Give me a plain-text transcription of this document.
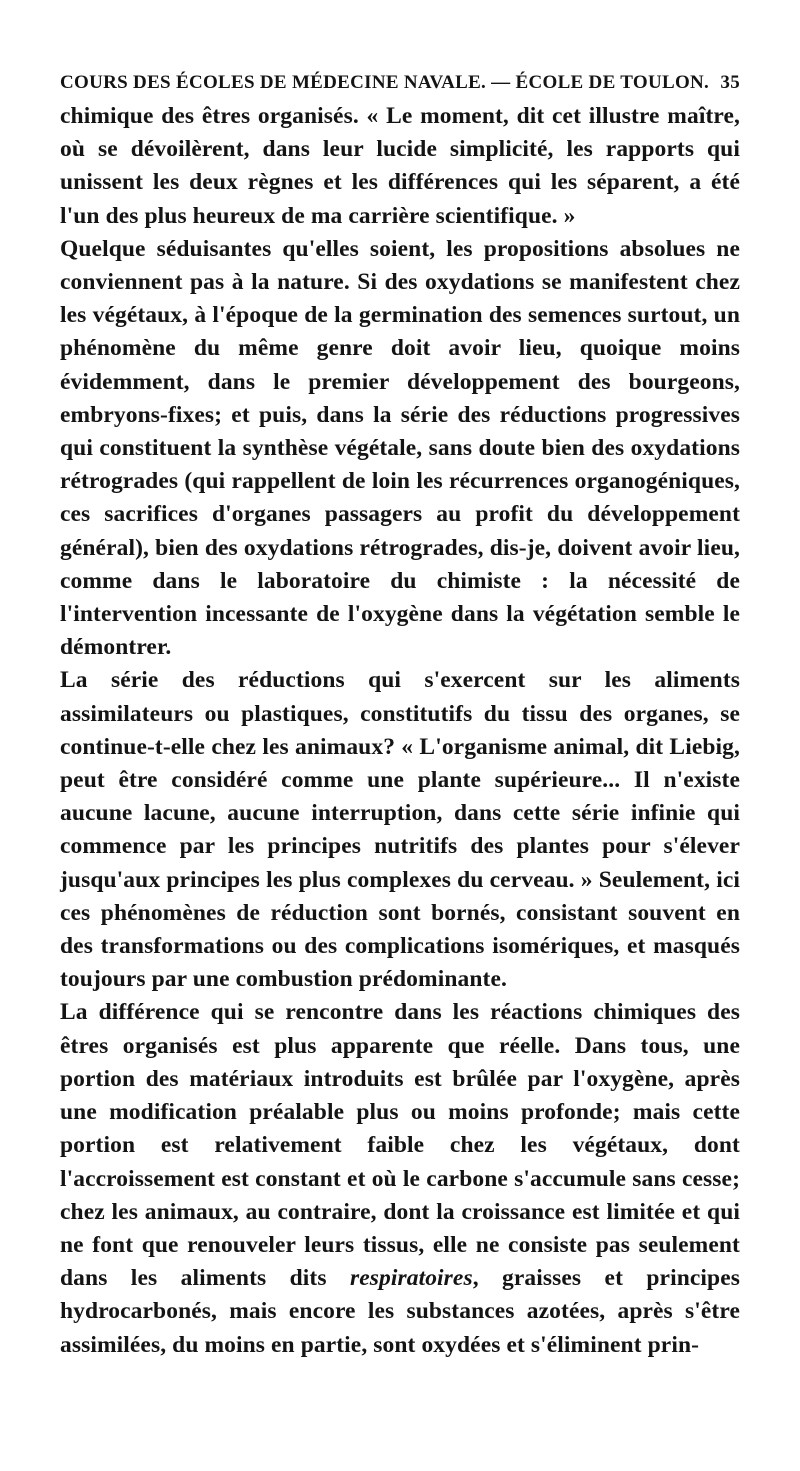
COURS DES ÉCOLES DE MÉDECINE NAVALE. — ÉCOLE DE TOULON. 35

chimique des êtres organisés. « Le moment, dit cet illustre maître, où se dévoilèrent, dans leur lucide simplicité, les rapports qui unissent les deux règnes et les différences qui les séparent, a été l'un des plus heureux de ma carrière scientifique. »

Quelque séduisantes qu'elles soient, les propositions absolues ne conviennent pas à la nature. Si des oxydations se manifestent chez les végétaux, à l'époque de la germination des semences surtout, un phénomène du même genre doit avoir lieu, quoique moins évidemment, dans le premier développement des bourgeons, embryons-fixes; et puis, dans la série des réductions progressives qui constituent la synthèse végétale, sans doute bien des oxydations rétrogrades (qui rappellent de loin les récurrences organogéniques, ces sacrifices d'organes passagers au profit du développement général), bien des oxydations rétrogrades, dis-je, doivent avoir lieu, comme dans le laboratoire du chimiste : la nécessité de l'intervention incessante de l'oxygène dans la végétation semble le démontrer.

La série des réductions qui s'exercent sur les aliments assimilateurs ou plastiques, constitutifs du tissu des organes, se continue-t-elle chez les animaux? « L'organisme animal, dit Liebig, peut être considéré comme une plante supérieure... Il n'existe aucune lacune, aucune interruption, dans cette série infinie qui commence par les principes nutritifs des plantes pour s'élever jusqu'aux principes les plus complexes du cerveau. » Seulement, ici ces phénomènes de réduction sont bornés, consistant souvent en des transformations ou des complications isomériques, et masqués toujours par une combustion prédominante.

La différence qui se rencontre dans les réactions chimiques des êtres organisés est plus apparente que réelle. Dans tous, une portion des matériaux introduits est brûlée par l'oxygène, après une modification préalable plus ou moins profonde; mais cette portion est relativement faible chez les végétaux, dont l'accroissement est constant et où le carbone s'accumule sans cesse; chez les animaux, au contraire, dont la croissance est limitée et qui ne font que renouveler leurs tissus, elle ne consiste pas seulement dans les aliments dits respiratoires, graisses et principes hydrocarbonés, mais encore les substances azotées, après s'être assimilées, du moins en partie, sont oxydées et s'éliminent prin-
